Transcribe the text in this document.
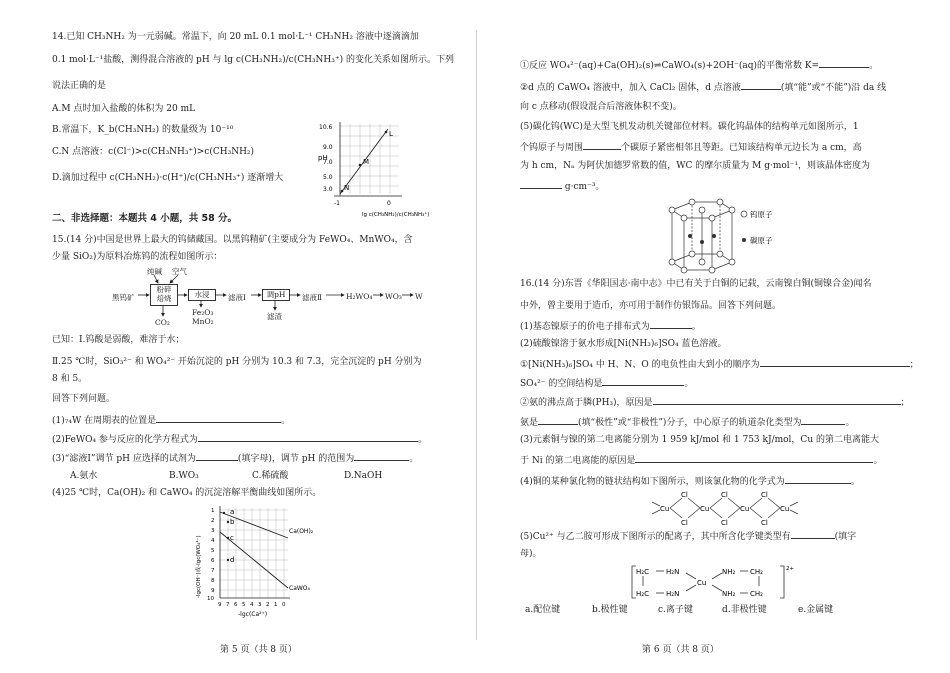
14.已知 CH₃NH₂ 为一元弱碱。常温下，向 20 mL 0.1 mol·L⁻¹ CH₃NH₂ 溶液中逐滴滴加
0.1 mol·L⁻¹盐酸，测得混合溶液的 pH 与 lg c(CH₃NH₂)/c(CH₃NH₃⁺) 的变化关系如图所示。下列
说法正确的是
A.M 点时加入盐酸的体积为 20 mL
B.常温下，K_b(CH₃NH₂) 的数量级为 10⁻¹⁰
C.N 点溶液：c(Cl⁻)>c(CH₃NH₃⁺)>c(CH₃NH₂)
D.滴加过程中 c(CH₃NH₂)·c(H⁺)/c(CH₃NH₃⁺) 逐渐增大
N
M
L
pH
10.6
9.0
7.0
5.0
3.0
-1	0
lg c(CH₃NH₂)/c(CH₃NH₃⁺)
二、非选择题：本题共 4 小题，共 58 分。
15.(14 分)中国是世界上最大的钨储藏国。以黑钨精矿(主要成分为 FeWO₄、MnWO₄，含
少量 SiO₂)为原料冶炼钨的流程如图所示：
纯碱 空气
黑钨矿
粉碎
焙烧
CO₂
水浸
Fe₂O₃
MnO₂
滤液Ⅰ	调pH
滤渣
滤液Ⅱ	H₂WO₄ WO₃ W
已知：Ⅰ.钨酸是弱酸，难溶于水；
Ⅱ.25 ℃时，SiO₃²⁻ 和 WO₄²⁻ 开始沉淀的 pH 分别为 10.3 和 7.3，完全沉淀的 pH 分别为
8 和 5。
回答下列问题。
(1)₇₄W 在周期表的位置是	。
(2)FeWO₄ 参与反应的化学方程式为	。
(3)“滤液Ⅰ”调节 pH 应选择的试剂为	(填字母)，调节 pH 的范围为	。
A.氨水	B.WO₃	C.稀硫酸	D.NaOH
(4)25 ℃时，Ca(OH)₂ 和 CaWO₄ 的沉淀溶解平衡曲线如图所示。
a
b
c
d
Ca(OH)₂
CaWO₄
-lgc(OH⁻)或-lgc(WO₄²⁻)
1
2
3
4
5
6
7
8
9
10
9 7 6 5 4 3 2 1 0
-lgc(Ca²⁺)
第 5 页（共 8 页）
①反应 WO₄²⁻(aq)+Ca(OH)₂(s)⇌CaWO₄(s)+2OH⁻(aq)的平衡常数 K=	。
②d 点的 CaWO₄ 溶液中，加入 CaCl₂ 固体，d 点溶液	(填“能”或“不能”)沿 da 线
向 c 点移动(假设混合后溶液体积不变)。
(5)碳化钨(WC)是大型飞机发动机关键部位材料。碳化钨晶体的结构单元如图所示，1
个钨原子与周围	个碳原子紧密相邻且等距。已知该结构单元边长为 a cm，高
为 h cm，Nₐ 为阿伏加德罗常数的值，WC 的摩尔质量为 M g·mol⁻¹，则该晶体密度为
g·cm⁻³。
钨原子
碳原子
16.(14 分)东晋《华阳国志·南中志》中已有关于白铜的记载，云南镍白铜(铜镍合金)闻名
中外，曾主要用于造币，亦可用于制作仿银饰品。回答下列问题。
(1)基态镍原子的价电子排布式为	。
(2)硫酸镍溶于氨水形成[Ni(NH₃)₆]SO₄ 蓝色溶液。
①[Ni(NH₃)₆]SO₄ 中 H、N、O 的电负性由大到小的顺序为	；
SO₄²⁻ 的空间结构是	。
②氨的沸点高于膦(PH₃)，原因是	；
氨是	(填“极性”或“非极性”)分子，中心原子的轨道杂化类型为	。
(3)元素铜与镍的第二电离能分别为 1 959 kJ/mol 和 1 753 kJ/mol，Cu 的第二电离能大
于 Ni 的第二电离能的原因是	。
(4)铜的某种氯化物的链状结构如下图所示，则该氯化物的化学式为	。
Cu
Cl
Cl
Cu
Cl
Cl
Cu
Cl
Cl
Cu
(5)Cu²⁺ 与乙二胺可形成下图所示的配离子，其中所含化学键类型有	(填字
母)。
H₂C
H₂C
H₂N
H₂N
Cu
NH₂
NH₂
CH₂
CH₂
2+
a.配位键	b.极性键	c.离子键	d.非极性键	e.金属键
第 6 页（共 8 页）
